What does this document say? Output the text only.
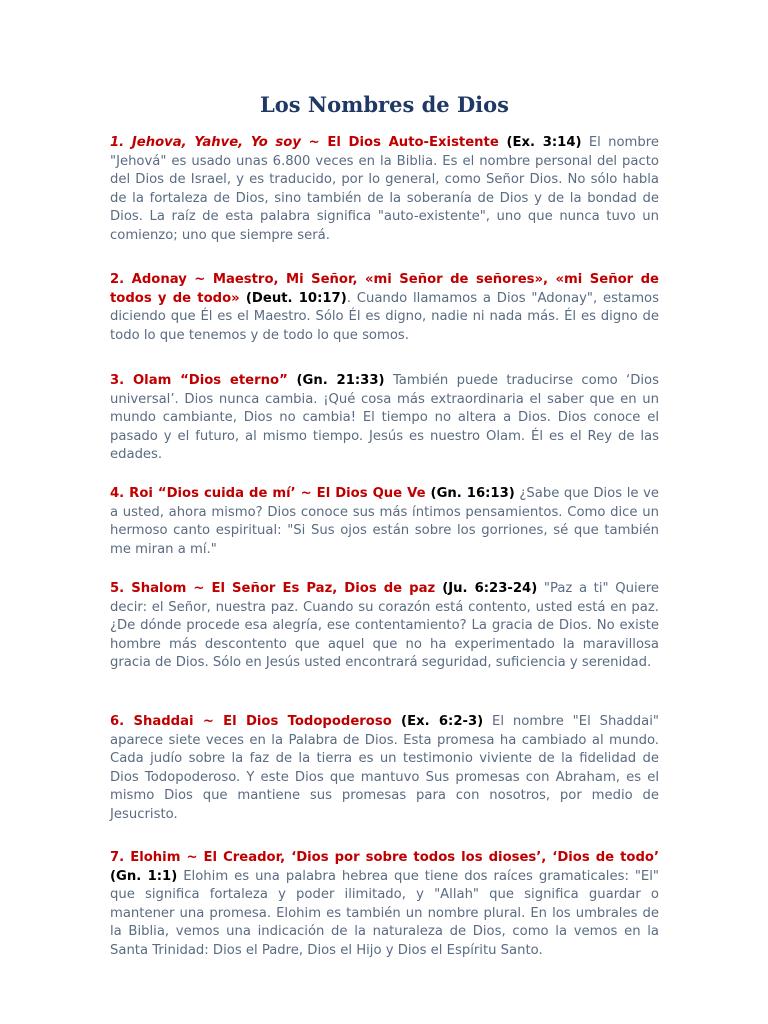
Los Nombres de Dios

1. Jehova, Yahve, Yo soy ~ El Dios Auto-Existente (Ex. 3:14) El nombre "Jehová" es usado unas 6.800 veces en la Biblia. Es el nombre personal del pacto del Dios de Israel, y es traducido, por lo general, como Señor Dios. No sólo habla de la fortaleza de Dios, sino también de la soberanía de Dios y de la bondad de Dios. La raíz de esta palabra significa "auto-existente", uno que nunca tuvo un comienzo; uno que siempre será.

2. Adonay ~ Maestro, Mi Señor, «mi Señor de señores», «mi Señor de todos y de todo» (Deut. 10:17). Cuando llamamos a Dios "Adonay", estamos diciendo que Él es el Maestro. Sólo Él es digno, nadie ni nada más. Él es digno de todo lo que tenemos y de todo lo que somos.

3. Olam “Dios eterno” (Gn. 21:33) También puede traducirse como ‘Dios universal’. Dios nunca cambia. ¡Qué cosa más extraordinaria el saber que en un mundo cambiante, Dios no cambia! El tiempo no altera a Dios. Dios conoce el pasado y el futuro, al mismo tiempo. Jesús es nuestro Olam. Él es el Rey de las edades.

4. Roi “Dios cuida de mí’ ~ El Dios Que Ve (Gn. 16:13) ¿Sabe que Dios le ve a usted, ahora mismo? Dios conoce sus más íntimos pensamientos. Como dice un hermoso canto espiritual: "Si Sus ojos están sobre los gorriones, sé que también me miran a mí."

5. Shalom ~ El Señor Es Paz, Dios de paz (Ju. 6:23-24) "Paz a ti" Quiere decir: el Señor, nuestra paz. Cuando su corazón está contento, usted está en paz. ¿De dónde procede esa alegría, ese contentamiento? La gracia de Dios. No existe hombre más descontento que aquel que no ha experimentado la maravillosa gracia de Dios. Sólo en Jesús usted encontrará seguridad, suficiencia y serenidad.

6. Shaddai ~ El Dios Todopoderoso (Ex. 6:2-3) El nombre "El Shaddai" aparece siete veces en la Palabra de Dios. Esta promesa ha cambiado al mundo. Cada judío sobre la faz de la tierra es un testimonio viviente de la fidelidad de Dios Todopoderoso. Y este Dios que mantuvo Sus promesas con Abraham, es el mismo Dios que mantiene sus promesas para con nosotros, por medio de Jesucristo.

7. Elohim ~ El Creador, ‘Dios por sobre todos los dioses’, ‘Dios de todo’ (Gn. 1:1) Elohim es una palabra hebrea que tiene dos raíces gramaticales: "El" que significa fortaleza y poder ilimitado, y "Allah" que significa guardar o mantener una promesa. Elohim es también un nombre plural. En los umbrales de la Biblia, vemos una indicación de la naturaleza de Dios, como la vemos en la Santa Trinidad: Dios el Padre, Dios el Hijo y Dios el Espíritu Santo.
